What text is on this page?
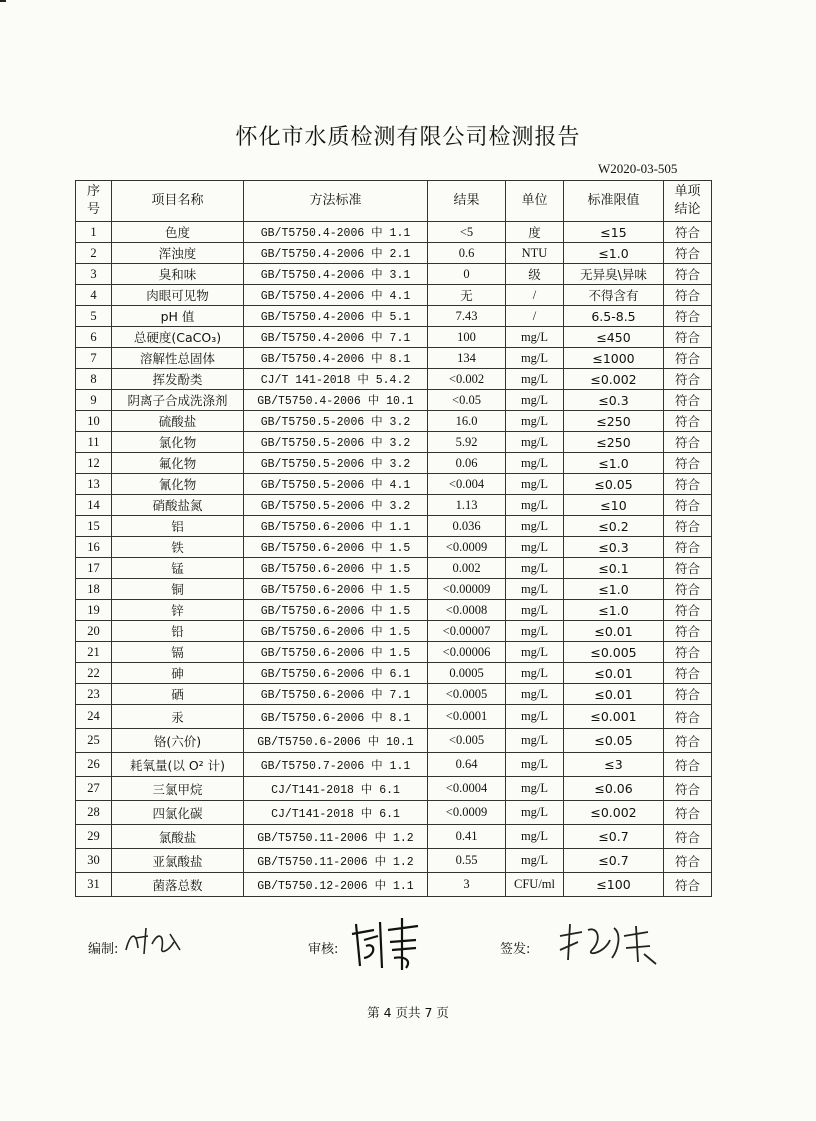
怀化市水质检测有限公司检测报告
W2020-03-505
序号	项目名称	方法标准	结果	单位	标准限值	单项结论
1	色度	GB/T5750.4-2006 中 1.1	<5	度	≤15	符合
2	浑浊度	GB/T5750.4-2006 中 2.1	0.6	NTU	≤1.0	符合
3	臭和味	GB/T5750.4-2006 中 3.1	0	级	无异臭\异味	符合
4	肉眼可见物	GB/T5750.4-2006 中 4.1	无	/	不得含有	符合
5	pH 值	GB/T5750.4-2006 中 5.1	7.43	/	6.5-8.5	符合
6	总硬度(CaCO₃)	GB/T5750.4-2006 中 7.1	100	mg/L	≤450	符合
7	溶解性总固体	GB/T5750.4-2006 中 8.1	134	mg/L	≤1000	符合
8	挥发酚类	CJ/T 141-2018 中 5.4.2	<0.002	mg/L	≤0.002	符合
9	阴离子合成洗涤剂	GB/T5750.4-2006 中 10.1	<0.05	mg/L	≤0.3	符合
10	硫酸盐	GB/T5750.5-2006 中 3.2	16.0	mg/L	≤250	符合
11	氯化物	GB/T5750.5-2006 中 3.2	5.92	mg/L	≤250	符合
12	氟化物	GB/T5750.5-2006 中 3.2	0.06	mg/L	≤1.0	符合
13	氰化物	GB/T5750.5-2006 中 4.1	<0.004	mg/L	≤0.05	符合
14	硝酸盐氮	GB/T5750.5-2006 中 3.2	1.13	mg/L	≤10	符合
15	铝	GB/T5750.6-2006 中 1.1	0.036	mg/L	≤0.2	符合
16	铁	GB/T5750.6-2006 中 1.5	<0.0009	mg/L	≤0.3	符合
17	锰	GB/T5750.6-2006 中 1.5	0.002	mg/L	≤0.1	符合
18	铜	GB/T5750.6-2006 中 1.5	<0.00009	mg/L	≤1.0	符合
19	锌	GB/T5750.6-2006 中 1.5	<0.0008	mg/L	≤1.0	符合
20	铅	GB/T5750.6-2006 中 1.5	<0.00007	mg/L	≤0.01	符合
21	镉	GB/T5750.6-2006 中 1.5	<0.00006	mg/L	≤0.005	符合
22	砷	GB/T5750.6-2006 中 6.1	0.0005	mg/L	≤0.01	符合
23	硒	GB/T5750.6-2006 中 7.1	<0.0005	mg/L	≤0.01	符合
24	汞	GB/T5750.6-2006 中 8.1	<0.0001	mg/L	≤0.001	符合
25	铬(六价)	GB/T5750.6-2006 中 10.1	<0.005	mg/L	≤0.05	符合
26	耗氧量(以 O² 计)	GB/T5750.7-2006 中 1.1	0.64	mg/L	≤3	符合
27	三氯甲烷	CJ/T141-2018 中 6.1	<0.0004	mg/L	≤0.06	符合
28	四氯化碳	CJ/T141-2018 中 6.1	<0.0009	mg/L	≤0.002	符合
29	氯酸盐	GB/T5750.11-2006 中 1.2	0.41	mg/L	≤0.7	符合
30	亚氯酸盐	GB/T5750.11-2006 中 1.2	0.55	mg/L	≤0.7	符合
31	菌落总数	GB/T5750.12-2006 中 1.1	3	CFU/ml	≤100	符合
编制:	审核:	签发:
第 4 页共 7 页
